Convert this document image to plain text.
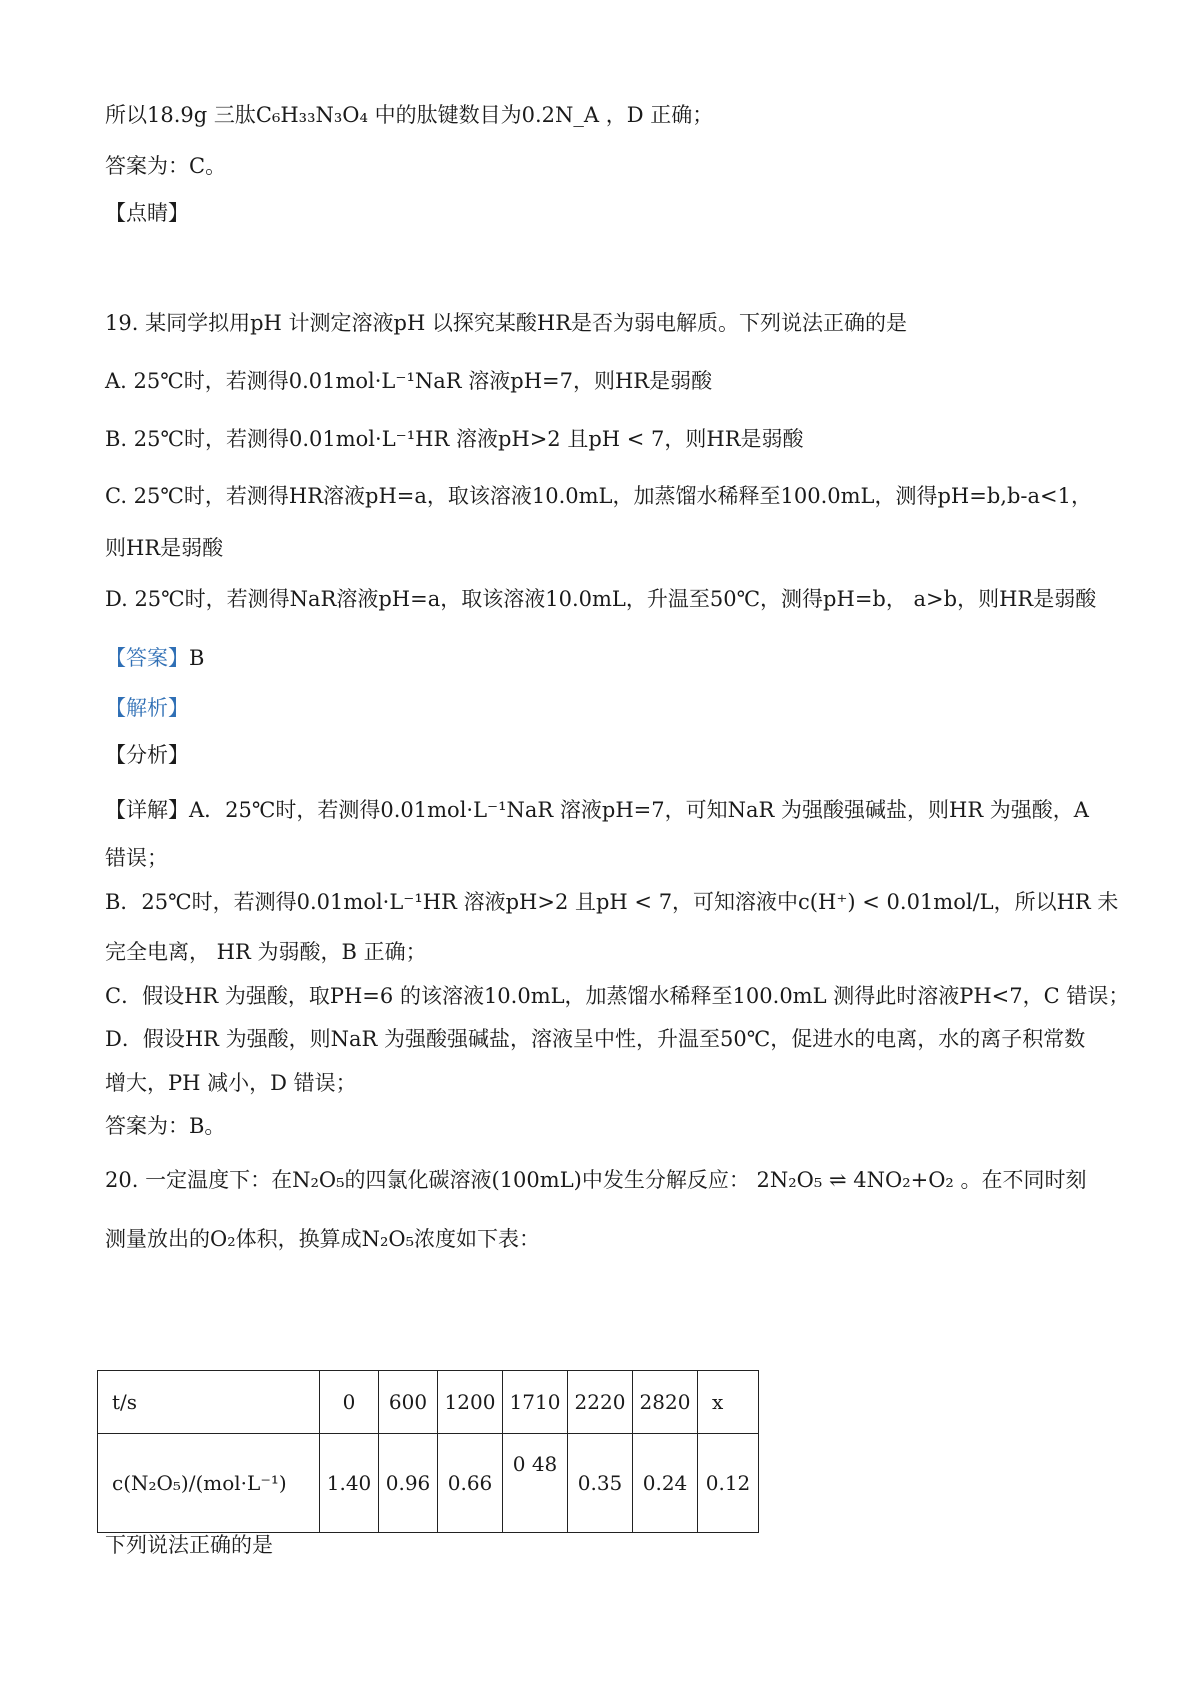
所以18.9g 三肽C₆H₃₃N₃O₄ 中的肽键数目为0.2N_A ，D 正确；
答案为：C。
【点睛】
19. 某同学拟用pH 计测定溶液pH 以探究某酸HR是否为弱电解质。下列说法正确的是
A. 25℃时，若测得0.01mol·L⁻¹NaR 溶液pH=7，则HR是弱酸
B. 25℃时，若测得0.01mol·L⁻¹HR 溶液pH>2 且pH < 7，则HR是弱酸
C. 25℃时，若测得HR溶液pH=a，取该溶液10.0mL，加蒸馏水稀释至100.0mL，测得pH=b,b-a<1，
则HR是弱酸
D. 25℃时，若测得NaR溶液pH=a，取该溶液10.0mL，升温至50℃，测得pH=b， a>b，则HR是弱酸
【答案】B
【解析】
【分析】
【详解】A．25℃时，若测得0.01mol·L⁻¹NaR 溶液pH=7，可知NaR 为强酸强碱盐，则HR 为强酸，A
错误；
B．25℃时，若测得0.01mol·L⁻¹HR 溶液pH>2 且pH < 7，可知溶液中c(H⁺) < 0.01mol/L，所以HR 未
完全电离， HR 为弱酸，B 正确；
C．假设HR 为强酸，取PH=6 的该溶液10.0mL，加蒸馏水稀释至100.0mL 测得此时溶液PH<7，C 错误；
D．假设HR 为强酸，则NaR 为强酸强碱盐，溶液呈中性，升温至50℃，促进水的电离，水的离子积常数
增大，PH 减小，D 错误；
答案为：B。
20. 一定温度下：在N₂O₅的四氯化碳溶液(100mL)中发生分解反应： 2N₂O₅ ⇌ 4NO₂+O₂ 。在不同时刻
测量放出的O₂体积，换算成N₂O₅浓度如下表：
t/s	0	600	1200	1710	2220	2820	x
c(N₂O₅)/(mol·L⁻¹)	1.40	0.96	0.66	0 48	0.35	0.24	0.12
下列说法正确的是
